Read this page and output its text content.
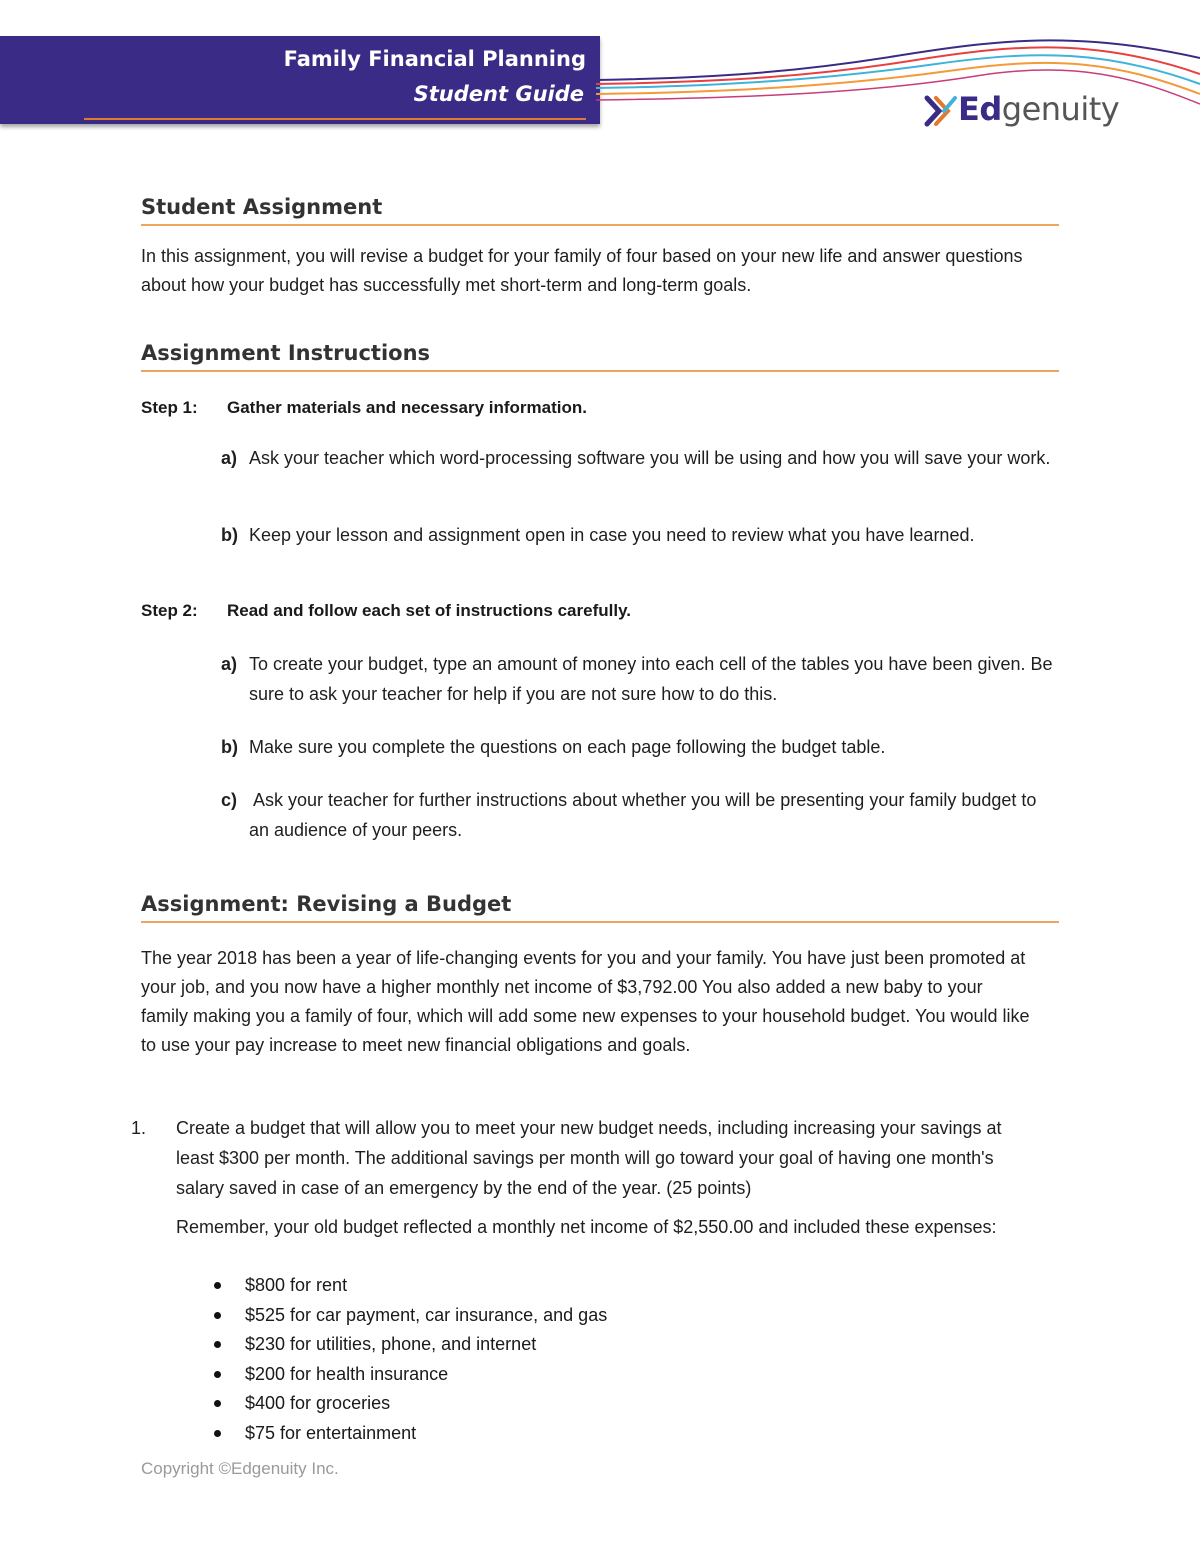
Family Financial Planning
Student Guide	Edgenuity
Student Assignment

In this assignment, you will revise a budget for your family of four based on your new life and answer questions about how your budget has successfully met short-term and long-term goals.

Assignment Instructions
Step 1: Gather materials and necessary information.

a) Ask your teacher which word-processing software you will be using and how you will save your work.

b) Keep your lesson and assignment open in case you need to review what you have learned.

Step 2: Read and follow each set of instructions carefully.

a) To create your budget, type an amount of money into each cell of the tables you have been given. Be sure to ask your teacher for help if you are not sure how to do this.

b) Make sure you complete the questions on each page following the budget table.

c) Ask your teacher for further instructions about whether you will be presenting your family budget to an audience of your peers.

Assignment: Revising a Budget

The year 2018 has been a year of life-changing events for you and your family. You have just been promoted at your job, and you now have a higher monthly net income of $3,792.00 You also added a new baby to your family making you a family of four, which will add some new expenses to your household budget. You would like to use your pay increase to meet new financial obligations and goals.

1. Create a budget that will allow you to meet your new budget needs, including increasing your savings at least $300 per month. The additional savings per month will go toward your goal of having one month's salary saved in case of an emergency by the end of the year. (25 points)

Remember, your old budget reflected a monthly net income of $2,550.00 and included these expenses:

$800 for rent
$525 for car payment, car insurance, and gas
$230 for utilities, phone, and internet
$200 for health insurance
$400 for groceries
$75 for entertainment
Copyright ©Edgenuity Inc.
